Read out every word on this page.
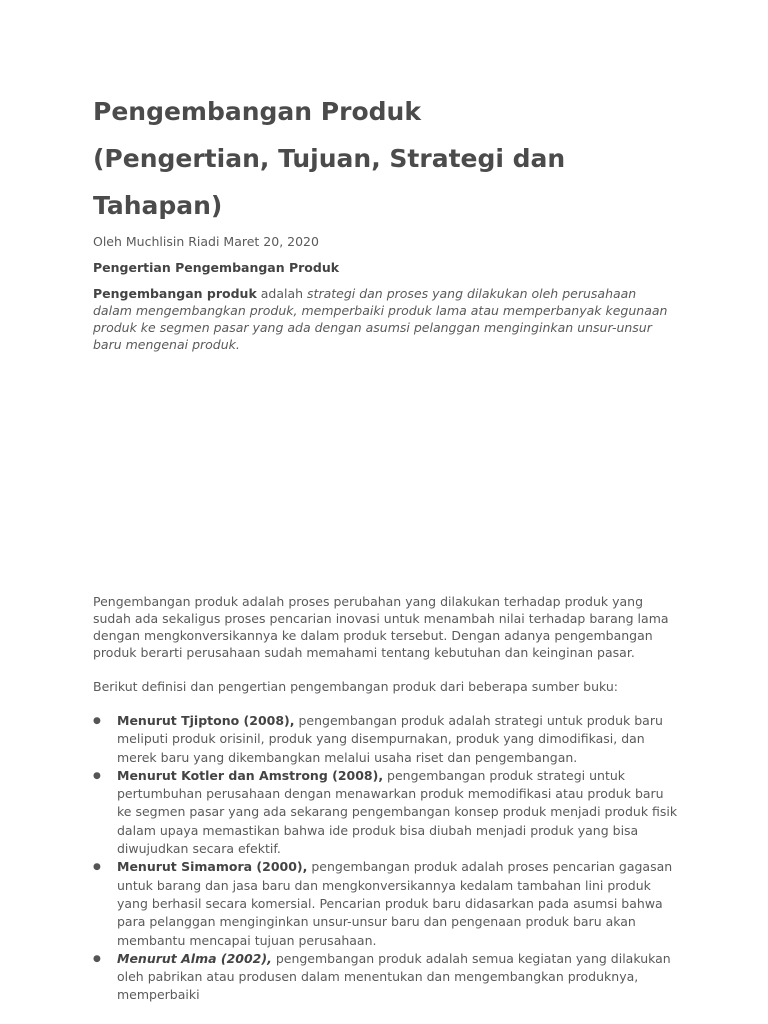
Pengembangan Produk
(Pengertian, Tujuan, Strategi dan Tahapan)
Oleh Muchlisin Riadi Maret 20, 2020
Pengertian Pengembangan Produk
Pengembangan produk adalah strategi dan proses yang dilakukan oleh perusahaan dalam mengembangkan produk, memperbaiki produk lama atau memperbanyak kegunaan produk ke segmen pasar yang ada dengan asumsi pelanggan menginginkan unsur-unsur baru mengenai produk.

Pengembangan produk adalah proses perubahan yang dilakukan terhadap produk yang sudah ada sekaligus proses pencarian inovasi untuk menambah nilai terhadap barang lama dengan mengkonversikannya ke dalam produk tersebut. Dengan adanya pengembangan produk berarti perusahaan sudah memahami tentang kebutuhan dan keinginan pasar.

Berikut definisi dan pengertian pengembangan produk dari beberapa sumber buku:

●	Menurut Tjiptono (2008), pengembangan produk adalah strategi untuk produk baru meliputi produk orisinil, produk yang disempurnakan, produk yang dimodifikasi, dan merek baru yang dikembangkan melalui usaha riset dan pengembangan.
●	Menurut Kotler dan Amstrong (2008), pengembangan produk strategi untuk pertumbuhan perusahaan dengan menawarkan produk memodifikasi atau produk baru ke segmen pasar yang ada sekarang pengembangan konsep produk menjadi produk fisik dalam upaya memastikan bahwa ide produk bisa diubah menjadi produk yang bisa diwujudkan secara efektif.
●	Menurut Simamora (2000), pengembangan produk adalah proses pencarian gagasan untuk barang dan jasa baru dan mengkonversikannya kedalam tambahan lini produk yang berhasil secara komersial. Pencarian produk baru didasarkan pada asumsi bahwa para pelanggan menginginkan unsur-unsur baru dan pengenaan produk baru akan membantu mencapai tujuan perusahaan.
●	Menurut Alma (2002), pengembangan produk adalah semua kegiatan yang dilakukan oleh pabrikan atau produsen dalam menentukan dan mengembangkan produknya, memperbaiki
